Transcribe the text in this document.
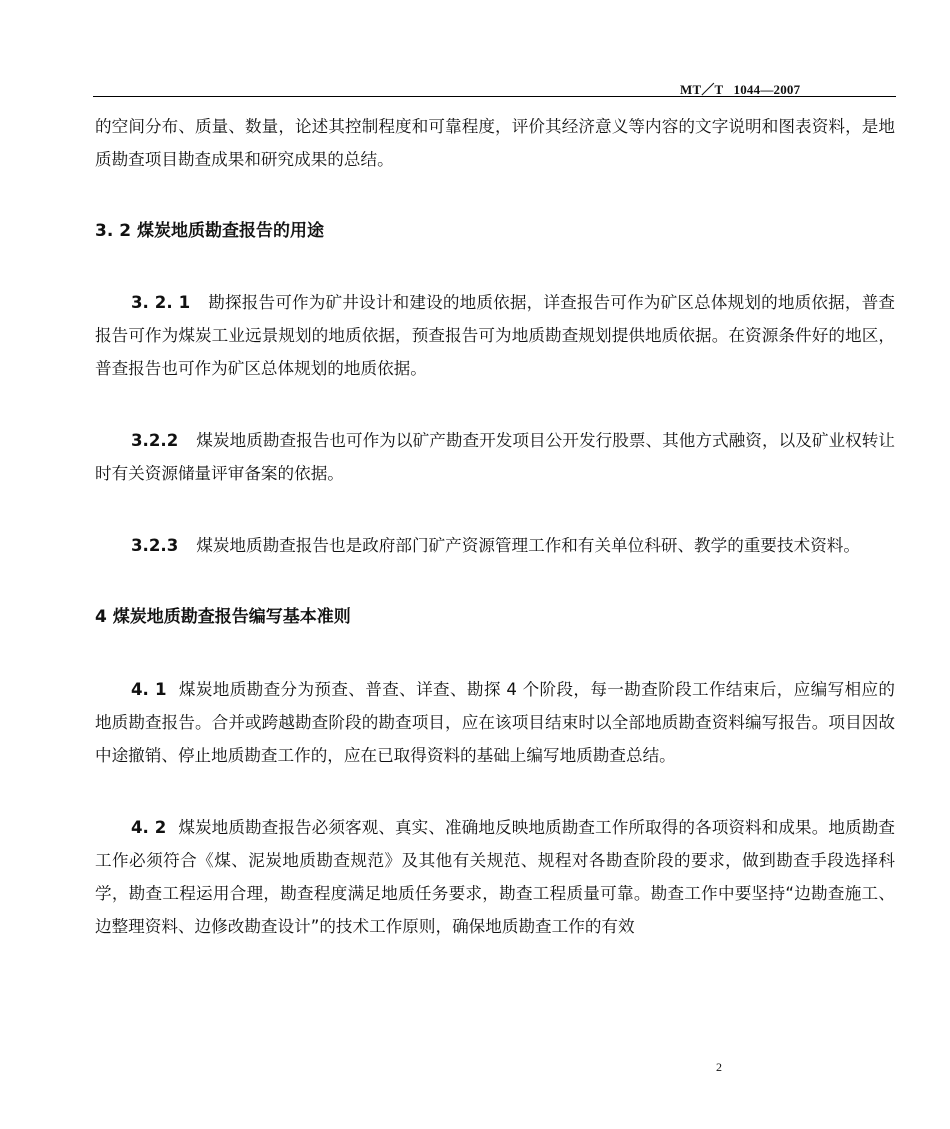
MT／T   1044—2007

的空间分布、质量、数量，论述其控制程度和可靠程度，评价其经济意义等内容的文字说明和图表资料，是地质勘查项目勘查成果和研究成果的总结。

3. 2 煤炭地质勘查报告的用途

3. 2. 1 勘探报告可作为矿井设计和建设的地质依据，详查报告可作为矿区总体规划的地质依据，普查报告可作为煤炭工业远景规划的地质依据，预查报告可为地质勘查规划提供地质依据。在资源条件好的地区，普查报告也可作为矿区总体规划的地质依据。

3.2.2 煤炭地质勘查报告也可作为以矿产勘查开发项目公开发行股票、其他方式融资，以及矿业权转让时有关资源储量评审备案的依据。

3.2.3 煤炭地质勘查报告也是政府部门矿产资源管理工作和有关单位科研、教学的重要技术资料。

4 煤炭地质勘查报告编写基本准则

4. 1 煤炭地质勘查分为预查、普查、详查、勘探 4 个阶段，每一勘查阶段工作结束后，应编写相应的地质勘查报告。合并或跨越勘查阶段的勘查项目，应在该项目结束时以全部地质勘查资料编写报告。项目因故中途撤销、停止地质勘查工作的，应在已取得资料的基础上编写地质勘查总结。

4. 2 煤炭地质勘查报告必须客观、真实、准确地反映地质勘查工作所取得的各项资料和成果。地质勘查工作必须符合《煤、泥炭地质勘查规范》及其他有关规范、规程对各勘查阶段的要求，做到勘查手段选择科学，勘查工程运用合理，勘查程度满足地质任务要求，勘查工程质量可靠。勘查工作中要坚持“边勘查施工、边整理资料、边修改勘查设计”的技术工作原则，确保地质勘查工作的有效

2
